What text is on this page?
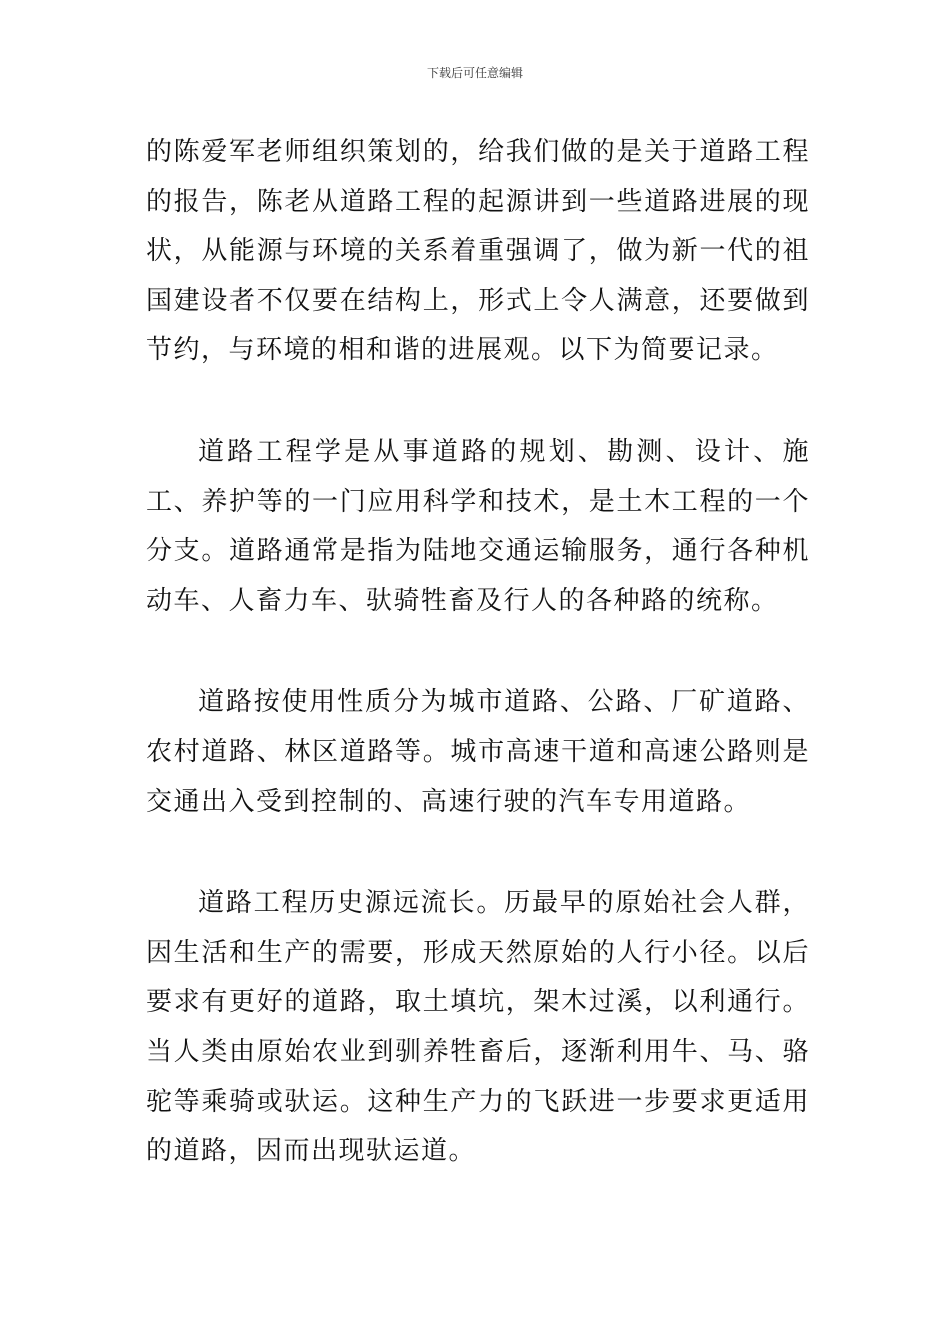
下载后可任意编辑

的陈爱军老师组织策划的，给我们做的是关于道路工程的报告，陈老从道路工程的起源讲到一些道路进展的现状，从能源与环境的关系着重强调了，做为新一代的祖国建设者不仅要在结构上，形式上令人满意，还要做到节约，与环境的相和谐的进展观。以下为简要记录。

道路工程学是从事道路的规划、勘测、设计、施工、养护等的一门应用科学和技术，是土木工程的一个分支。道路通常是指为陆地交通运输服务，通行各种机动车、人畜力车、驮骑牲畜及行人的各种路的统称。

道路按使用性质分为城市道路、公路、厂矿道路、农村道路、林区道路等。城市高速干道和高速公路则是交通出入受到控制的、高速行驶的汽车专用道路。

道路工程历史源远流长。历最早的原始社会人群，因生活和生产的需要，形成天然原始的人行小径。以后要求有更好的道路，取土填坑，架木过溪，以利通行。当人类由原始农业到驯养牲畜后，逐渐利用牛、马、骆驼等乘骑或驮运。这种生产力的飞跃进一步要求更适用的道路，因而出现驮运道。
